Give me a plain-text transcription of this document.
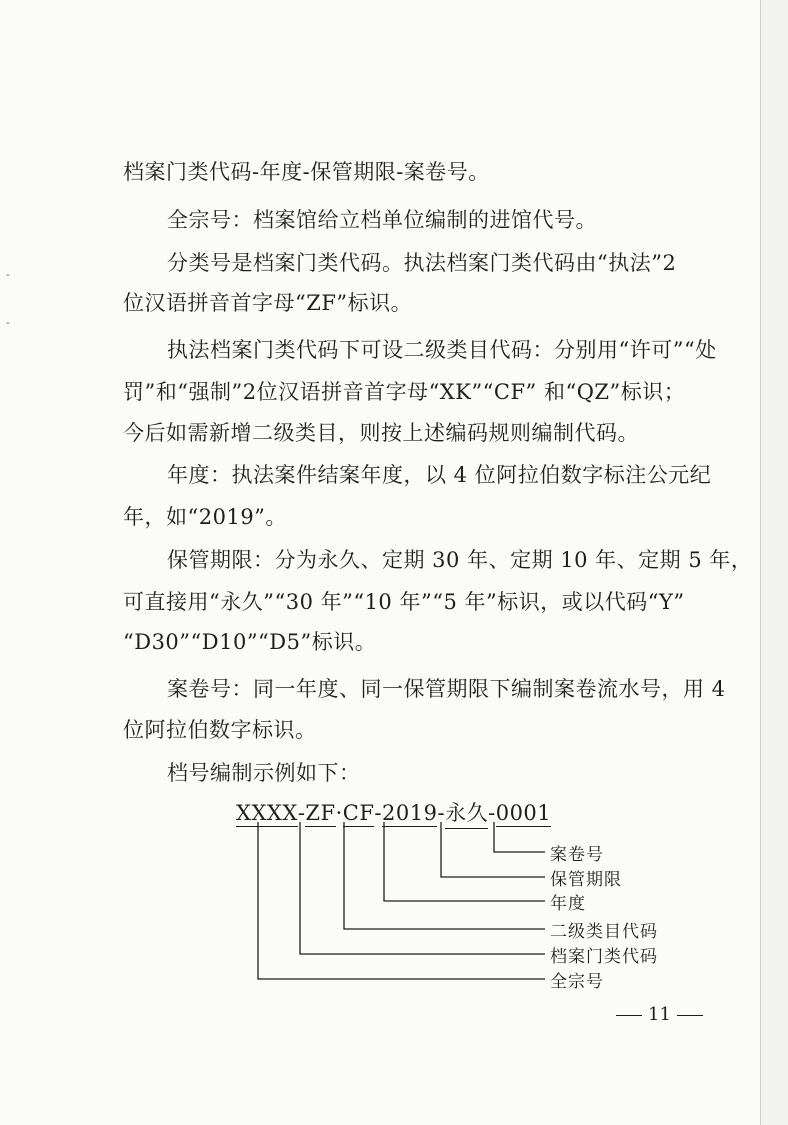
-
-

档案门类代码-年度-保管期限-案卷号。

全宗号：档案馆给立档单位编制的进馆代号。

分类号是档案门类代码。执法档案门类代码由“执法”2

位汉语拼音首字母“ZF”标识。

执法档案门类代码下可设二级类目代码：分别用“许可”“处

罚”和“强制”2位汉语拼音首字母“XK”“CF” 和“QZ”标识；

今后如需新增二级类目，则按上述编码规则编制代码。

年度：执法案件结案年度，以 4 位阿拉伯数字标注公元纪

年，如“2019”。

保管期限：分为永久、定期 30 年、定期 10 年、定期 5 年，

可直接用“永久”“30 年”“10 年”“5 年”标识，或以代码“Y”

“D30”“D10”“D5”标识。

案卷号：同一年度、同一保管期限下编制案卷流水号，用 4

位阿拉伯数字标识。

档号编制示例如下：

XXXX-ZF·CF-2019-永久-0001
案卷号
保管期限
年度
二级类目代码
档案门类代码
全宗号
11
